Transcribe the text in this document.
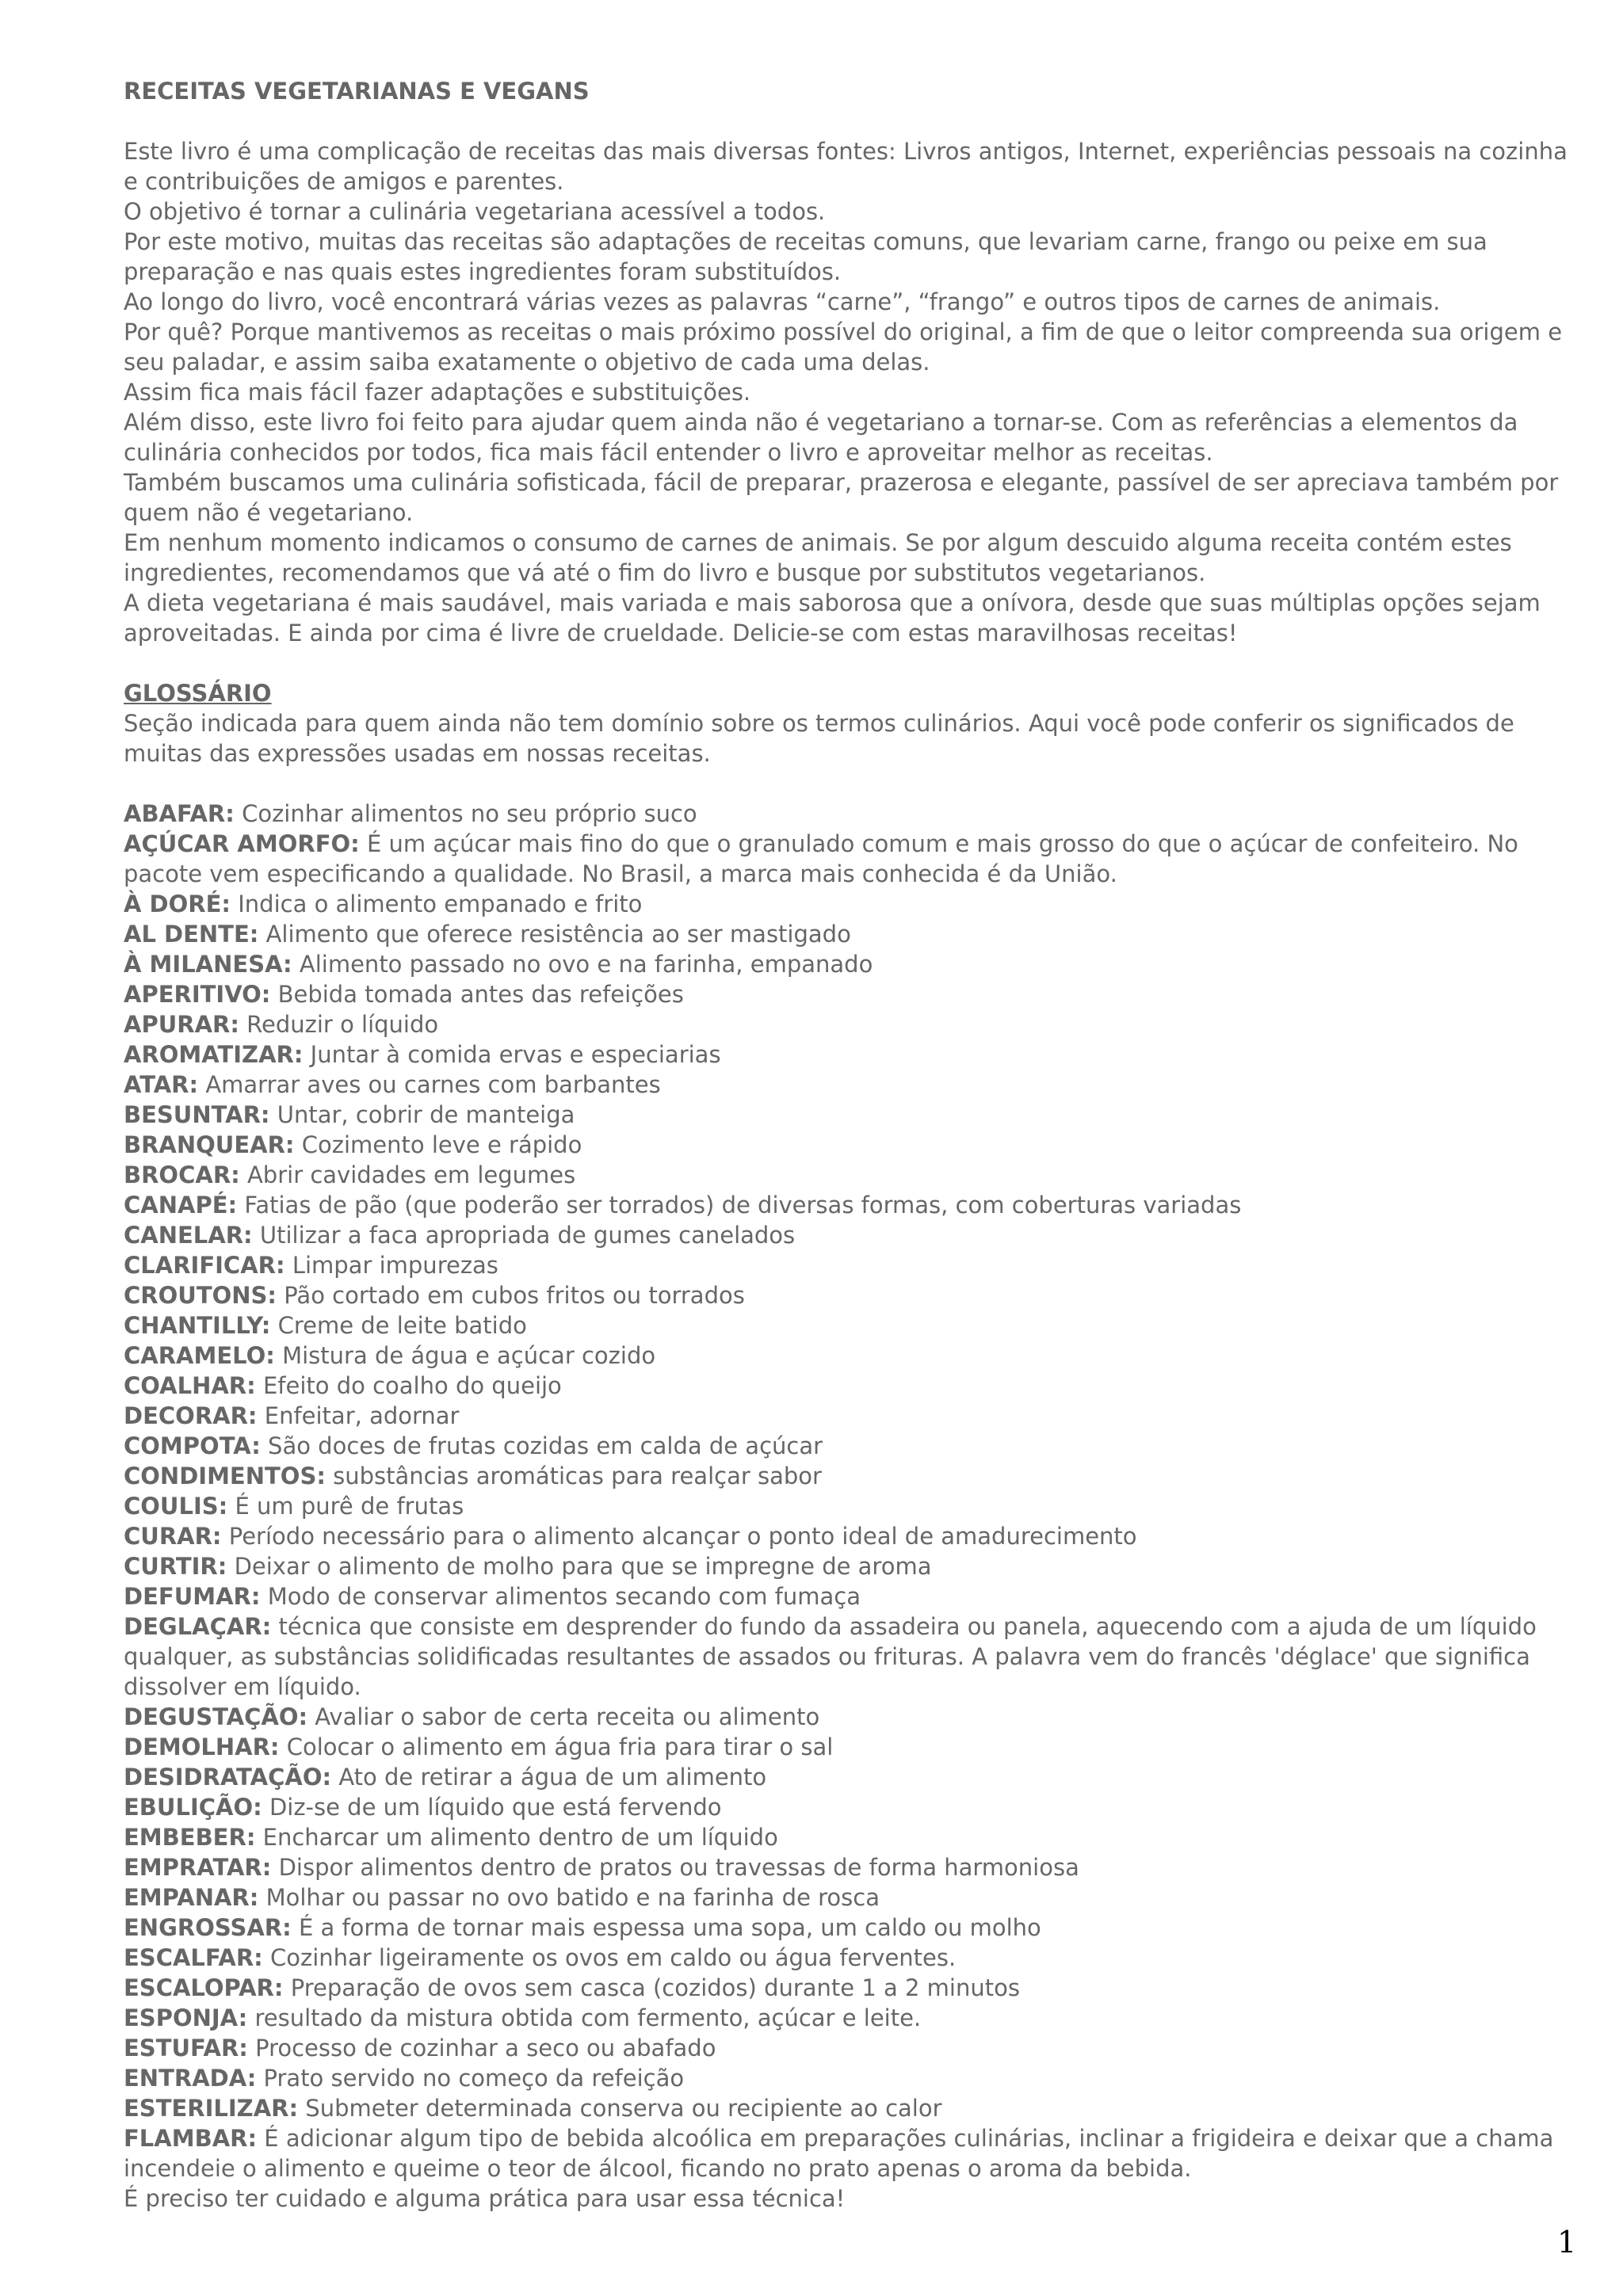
RECEITAS VEGETARIANAS E VEGANS

Este livro é uma complicação de receitas das mais diversas fontes: Livros antigos, Internet, experiências pessoais na cozinha e contribuições de amigos e parentes.

O objetivo é tornar a culinária vegetariana acessível a todos.

Por este motivo, muitas das receitas são adaptações de receitas comuns, que levariam carne, frango ou peixe em sua preparação e nas quais estes ingredientes foram substituídos.

Ao longo do livro, você encontrará várias vezes as palavras “carne”, “frango” e outros tipos de carnes de animais.

Por quê? Porque mantivemos as receitas o mais próximo possível do original, a fim de que o leitor compreenda sua origem e seu paladar, e assim saiba exatamente o objetivo de cada uma delas.

Assim fica mais fácil fazer adaptações e substituições.

Além disso, este livro foi feito para ajudar quem ainda não é vegetariano a tornar-se. Com as referências a elementos da culinária conhecidos por todos, fica mais fácil entender o livro e aproveitar melhor as receitas.

Também buscamos uma culinária sofisticada, fácil de preparar, prazerosa e elegante, passível de ser apreciava também por quem não é vegetariano.

Em nenhum momento indicamos o consumo de carnes de animais. Se por algum descuido alguma receita contém estes ingredientes, recomendamos que vá até o fim do livro e busque por substitutos vegetarianos.

A dieta vegetariana é mais saudável, mais variada e mais saborosa que a onívora, desde que suas múltiplas opções sejam aproveitadas. E ainda por cima é livre de crueldade. Delicie-se com estas maravilhosas receitas!

GLOSSÁRIO

Seção indicada para quem ainda não tem domínio sobre os termos culinários. Aqui você pode conferir os significados de muitas das expressões usadas em nossas receitas.

ABAFAR: Cozinhar alimentos no seu próprio suco

AÇÚCAR AMORFO: É um açúcar mais fino do que o granulado comum e mais grosso do que o açúcar de confeiteiro. No pacote vem especificando a qualidade. No Brasil, a marca mais conhecida é da União.

À DORÉ: Indica o alimento empanado e frito

AL DENTE: Alimento que oferece resistência ao ser mastigado

À MILANESA: Alimento passado no ovo e na farinha, empanado

APERITIVO: Bebida tomada antes das refeições

APURAR: Reduzir o líquido

AROMATIZAR: Juntar à comida ervas e especiarias

ATAR: Amarrar aves ou carnes com barbantes

BESUNTAR: Untar, cobrir de manteiga

BRANQUEAR: Cozimento leve e rápido

BROCAR: Abrir cavidades em legumes

CANAPÉ: Fatias de pão (que poderão ser torrados) de diversas formas, com coberturas variadas

CANELAR: Utilizar a faca apropriada de gumes canelados

CLARIFICAR: Limpar impurezas

CROUTONS: Pão cortado em cubos fritos ou torrados

CHANTILLY: Creme de leite batido

CARAMELO: Mistura de água e açúcar cozido

COALHAR: Efeito do coalho do queijo

DECORAR: Enfeitar, adornar

COMPOTA: São doces de frutas cozidas em calda de açúcar

CONDIMENTOS: substâncias aromáticas para realçar sabor

COULIS: É um purê de frutas

CURAR: Período necessário para o alimento alcançar o ponto ideal de amadurecimento

CURTIR: Deixar o alimento de molho para que se impregne de aroma

DEFUMAR: Modo de conservar alimentos secando com fumaça

DEGLAÇAR: técnica que consiste em desprender do fundo da assadeira ou panela, aquecendo com a ajuda de um líquido qualquer, as substâncias solidificadas resultantes de assados ou frituras. A palavra vem do francês 'déglace' que significa dissolver em líquido.

DEGUSTAÇÃO: Avaliar o sabor de certa receita ou alimento

DEMOLHAR: Colocar o alimento em água fria para tirar o sal

DESIDRATAÇÃO: Ato de retirar a água de um alimento

EBULIÇÃO: Diz-se de um líquido que está fervendo

EMBEBER: Encharcar um alimento dentro de um líquido

EMPRATAR: Dispor alimentos dentro de pratos ou travessas de forma harmoniosa

EMPANAR: Molhar ou passar no ovo batido e na farinha de rosca

ENGROSSAR: É a forma de tornar mais espessa uma sopa, um caldo ou molho

ESCALFAR: Cozinhar ligeiramente os ovos em caldo ou água ferventes.

ESCALOPAR: Preparação de ovos sem casca (cozidos) durante 1 a 2 minutos

ESPONJA: resultado da mistura obtida com fermento, açúcar e leite.

ESTUFAR: Processo de cozinhar a seco ou abafado

ENTRADA: Prato servido no começo da refeição

ESTERILIZAR: Submeter determinada conserva ou recipiente ao calor

FLAMBAR: É adicionar algum tipo de bebida alcoólica em preparações culinárias, inclinar a frigideira e deixar que a chama incendeie o alimento e queime o teor de álcool, ficando no prato apenas o aroma da bebida.

É preciso ter cuidado e alguma prática para usar essa técnica!

1
